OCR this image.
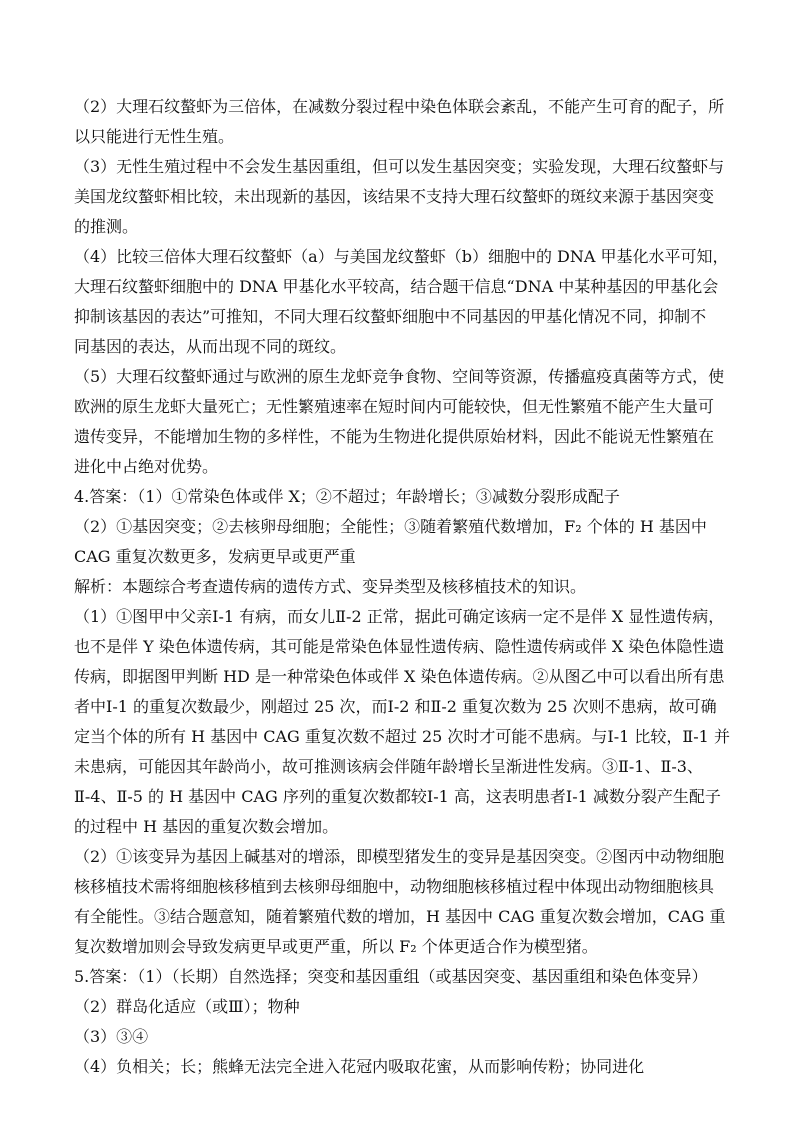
（2）大理石纹螯虾为三倍体，在减数分裂过程中染色体联会紊乱，不能产生可育的配子，所
以只能进行无性生殖。
（3）无性生殖过程中不会发生基因重组，但可以发生基因突变；实验发现，大理石纹螯虾与
美国龙纹螯虾相比较，未出现新的基因，该结果不支持大理石纹螯虾的斑纹来源于基因突变
的推测。
（4）比较三倍体大理石纹螯虾（a）与美国龙纹螯虾（b）细胞中的 DNA 甲基化水平可知，
大理石纹螯虾细胞中的 DNA 甲基化水平较高，结合题干信息“DNA 中某种基因的甲基化会
抑制该基因的表达”可推知，不同大理石纹螯虾细胞中不同基因的甲基化情况不同，抑制不
同基因的表达，从而出现不同的斑纹。
（5）大理石纹螯虾通过与欧洲的原生龙虾竞争食物、空间等资源，传播瘟疫真菌等方式，使
欧洲的原生龙虾大量死亡；无性繁殖速率在短时间内可能较快，但无性繁殖不能产生大量可
遗传变异，不能增加生物的多样性，不能为生物进化提供原始材料，因此不能说无性繁殖在
进化中占绝对优势。
4.答案：（1）①常染色体或伴 X；②不超过；年龄增长；③减数分裂形成配子
（2）①基因突变；②去核卵母细胞；全能性；③随着繁殖代数增加，F₂ 个体的 H 基因中
CAG 重复次数更多，发病更早或更严重
解析：本题综合考查遗传病的遗传方式、变异类型及核移植技术的知识。
（1）①图甲中父亲Ⅰ-1 有病，而女儿Ⅱ-2 正常，据此可确定该病一定不是伴 X 显性遗传病，
也不是伴 Y 染色体遗传病，其可能是常染色体显性遗传病、隐性遗传病或伴 X 染色体隐性遗
传病，即据图甲判断 HD 是一种常染色体或伴 X 染色体遗传病。②从图乙中可以看出所有患
者中Ⅰ-1 的重复次数最少，刚超过 25 次，而Ⅰ-2 和Ⅱ-2 重复次数为 25 次则不患病，故可确
定当个体的所有 H 基因中 CAG 重复次数不超过 25 次时才可能不患病。与Ⅰ-1 比较，Ⅱ-1 并
未患病，可能因其年龄尚小，故可推测该病会伴随年龄增长呈渐进性发病。③Ⅱ-1、Ⅱ-3、
Ⅱ-4、Ⅱ-5 的 H 基因中 CAG 序列的重复次数都较Ⅰ-1 高，这表明患者Ⅰ-1 减数分裂产生配子
的过程中 H 基因的重复次数会增加。
（2）①该变异为基因上碱基对的增添，即模型猪发生的变异是基因突变。②图丙中动物细胞
核移植技术需将细胞核移植到去核卵母细胞中，动物细胞核移植过程中体现出动物细胞核具
有全能性。③结合题意知，随着繁殖代数的增加，H 基因中 CAG 重复次数会增加，CAG 重
复次数增加则会导致发病更早或更严重，所以 F₂ 个体更适合作为模型猪。
5.答案：（1）（长期）自然选择；突变和基因重组（或基因突变、基因重组和染色体变异）
（2）群岛化适应（或Ⅲ）；物种
（3）③④
（4）负相关；长；熊蜂无法完全进入花冠内吸取花蜜，从而影响传粉；协同进化
